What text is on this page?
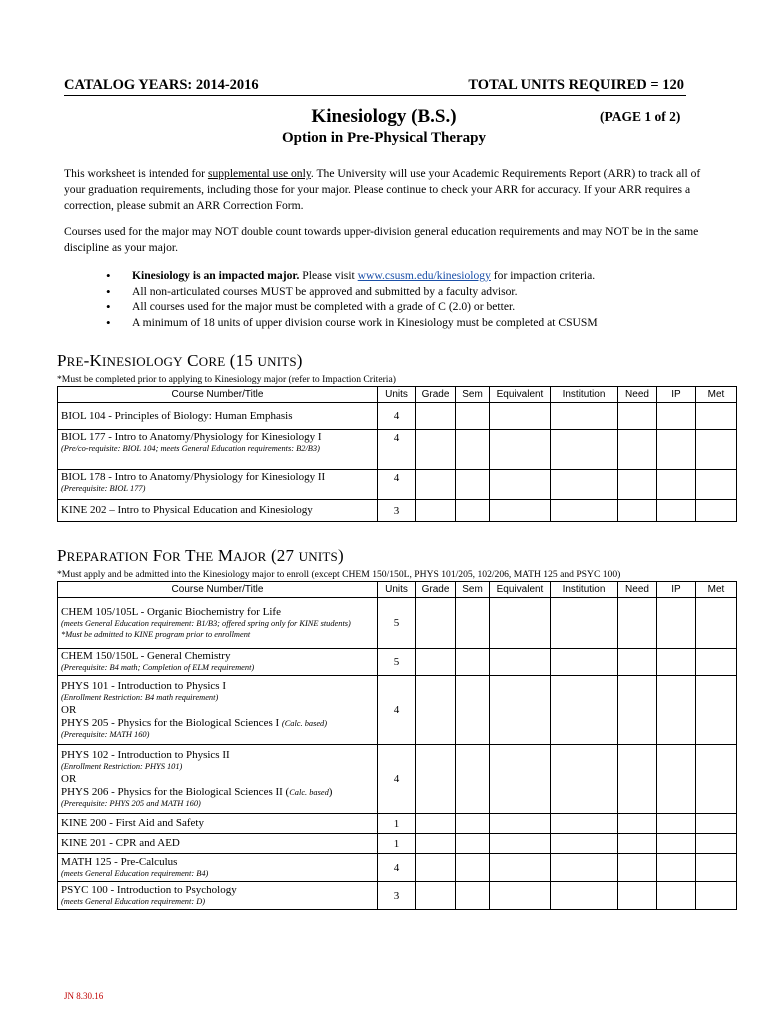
CATALOG YEARS: 2014-2016	TOTAL UNITS REQUIRED = 120
Kinesiology (B.S.)	(PAGE 1 of 2)
Option in Pre-Physical Therapy
This worksheet is intended for supplemental use only. The University will use your Academic Requirements Report (ARR) to track all of your graduation requirements, including those for your major. Please continue to check your ARR for accuracy. If your ARR requires a correction, please submit an ARR Correction Form.
Courses used for the major may NOT double count towards upper-division general education requirements and may NOT be in the same discipline as your major.
• Kinesiology is an impacted major. Please visit www.csusm.edu/kinesiology for impaction criteria.
• All non-articulated courses MUST be approved and submitted by a faculty advisor.
• All courses used for the major must be completed with a grade of C (2.0) or better.
• A minimum of 18 units of upper division course work in Kinesiology must be completed at CSUSM
PRE-KINESIOLOGY CORE (15 UNITS)
*Must be completed prior to applying to Kinesiology major (refer to Impaction Criteria)
Course Number/Title	Units	Grade	Sem	Equivalent	Institution	Need	IP	Met

BIOL 104 - Principles of Biology: Human Emphasis	4							

BIOL 177 - Intro to Anatomy/Physiology for Kinesiology I
(Pre/co-requisite: BIOL 104; meets General Education requirements: B2/B3)	4							

BIOL 178 - Intro to Anatomy/Physiology for Kinesiology II
(Prerequisite: BIOL 177)	4							

KINE 202 – Intro to Physical Education and Kinesiology	3							
PREPARATION FOR THE MAJOR (27 UNITS)
*Must apply and be admitted into the Kinesiology major to enroll (except CHEM 150/150L, PHYS 101/205, 102/206, MATH 125 and PSYC 100)
Course Number/Title	Units	Grade	Sem	Equivalent	Institution	Need	IP	Met

CHEM 105/105L - Organic Biochemistry for Life
(meets General Education requirement: B1/B3; offered spring only for KINE students)
*Must be admitted to KINE program prior to enrollment	5							

CHEM 150/150L - General Chemistry
(Prerequisite: B4 math; Completion of ELM requirement)	5							

PHYS 101 - Introduction to Physics I
(Enrollment Restriction: B4 math requirement)
OR
PHYS 205 - Physics for the Biological Sciences I (Calc. based)
(Prerequisite: MATH 160)	4							

PHYS 102 - Introduction to Physics II
(Enrollment Restriction: PHYS 101)
OR
PHYS 206 - Physics for the Biological Sciences II (Calc. based)
(Prerequisite: PHYS 205 and MATH 160)	4							

KINE 200 - First Aid and Safety	1							

KINE 201 - CPR and AED	1							

MATH 125 - Pre-Calculus
(meets General Education requirement: B4)	4							

PSYC 100 - Introduction to Psychology
(meets General Education requirement: D)	3							
JN 8.30.16
